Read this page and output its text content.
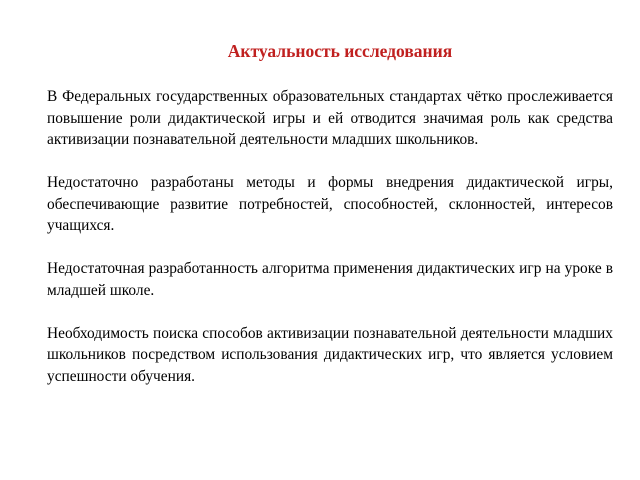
Актуальность исследования

В Федеральных государственных образовательных стандартах чётко прослеживается повышение роли дидактической игры и ей отводится значимая роль как средства активизации познавательной деятельности младших школьников.

Недостаточно разработаны методы и формы внедрения дидактической игры, обеспечивающие развитие потребностей, способностей, склонностей, интересов учащихся.

Недостаточная разработанность алгоритма применения дидактических игр на уроке в младшей школе.

Необходимость поиска способов активизации познавательной деятельности младших школьников посредством использования дидактических игр, что является условием успешности обучения.
